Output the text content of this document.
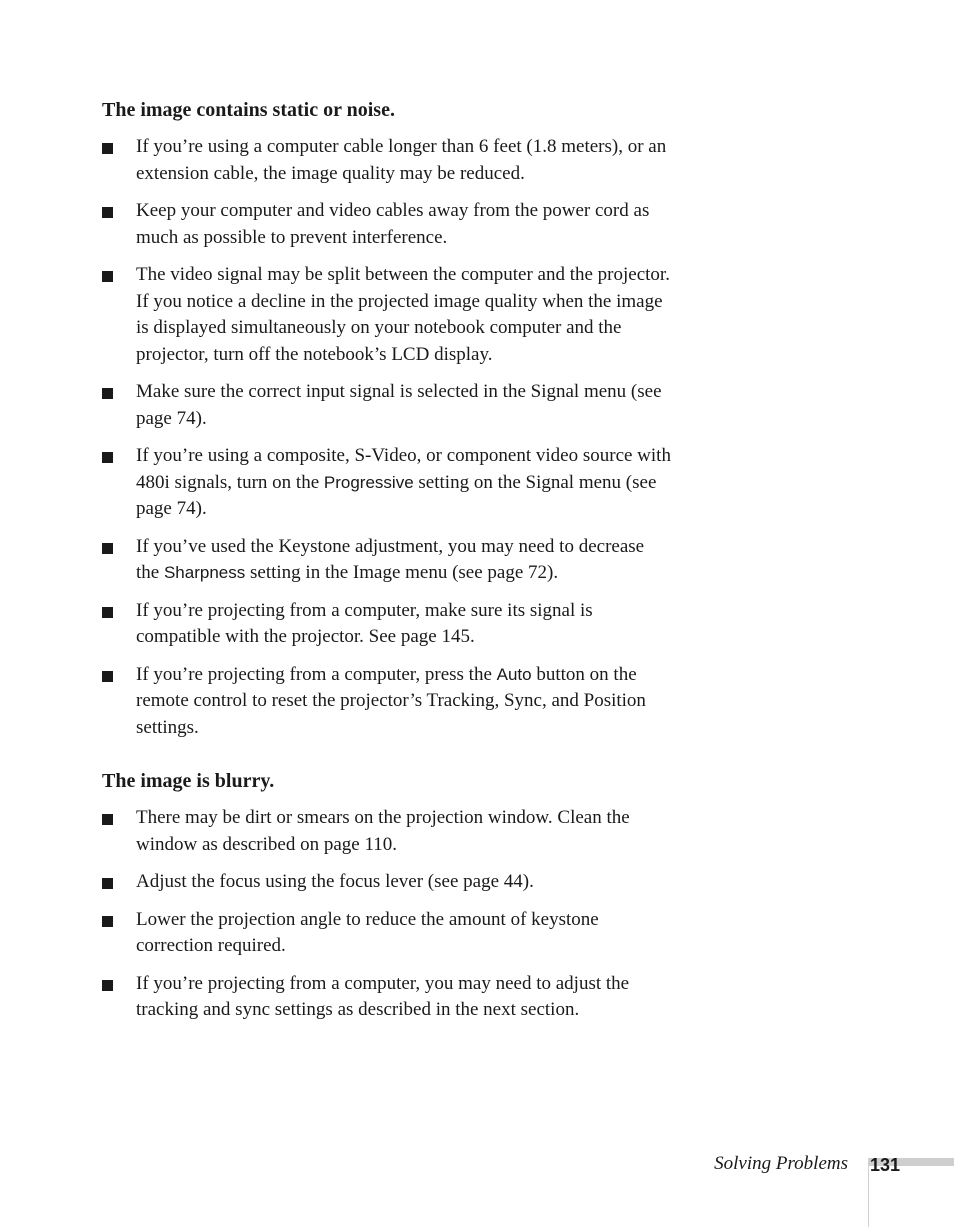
The image contains static or noise.
If you’re using a computer cable longer than 6 feet (1.8 meters), or an extension cable, the image quality may be reduced.
Keep your computer and video cables away from the power cord as much as possible to prevent interference.
The video signal may be split between the computer and the projector. If you notice a decline in the projected image quality when the image is displayed simultaneously on your notebook computer and the projector, turn off the notebook’s LCD display.
Make sure the correct input signal is selected in the Signal menu (see page 74).
If you’re using a composite, S-Video, or component video source with 480i signals, turn on the Progressive setting on the Signal menu (see page 74).
If you’ve used the Keystone adjustment, you may need to decrease the Sharpness setting in the Image menu (see page 72).
If you’re projecting from a computer, make sure its signal is compatible with the projector. See page 145.
If you’re projecting from a computer, press the Auto button on the remote control to reset the projector’s Tracking, Sync, and Position settings.
The image is blurry.
There may be dirt or smears on the projection window. Clean the window as described on page 110.
Adjust the focus using the focus lever (see page 44).
Lower the projection angle to reduce the amount of keystone correction required.
If you’re projecting from a computer, you may need to adjust the tracking and sync settings as described in the next section.
Solving Problems 131
